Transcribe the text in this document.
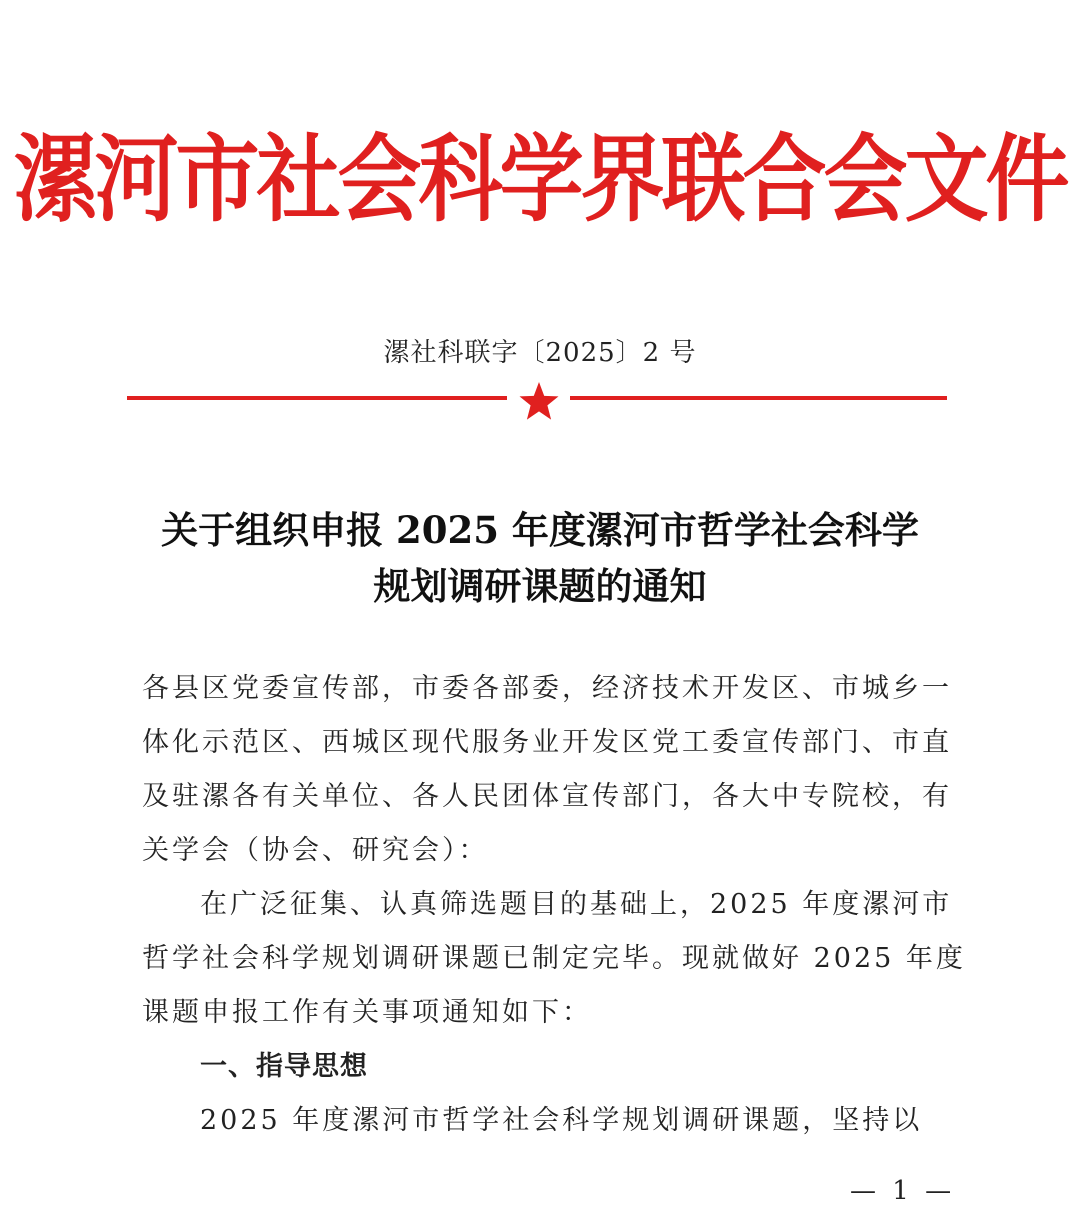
漯河市社会科学界联合会文件
漯社科联字〔2025〕2 号
关于组织申报 2025 年度漯河市哲学社会科学
规划调研课题的通知
各县区党委宣传部，市委各部委，经济技术开发区、市城乡一
体化示范区、西城区现代服务业开发区党工委宣传部门、市直
及驻漯各有关单位、各人民团体宣传部门，各大中专院校，有
关学会（协会、研究会）：
在广泛征集、认真筛选题目的基础上，2025 年度漯河市
哲学社会科学规划调研课题已制定完毕。现就做好 2025 年度
课题申报工作有关事项通知如下：
一、指导思想
2025 年度漯河市哲学社会科学规划调研课题，坚持以
— 1 —
